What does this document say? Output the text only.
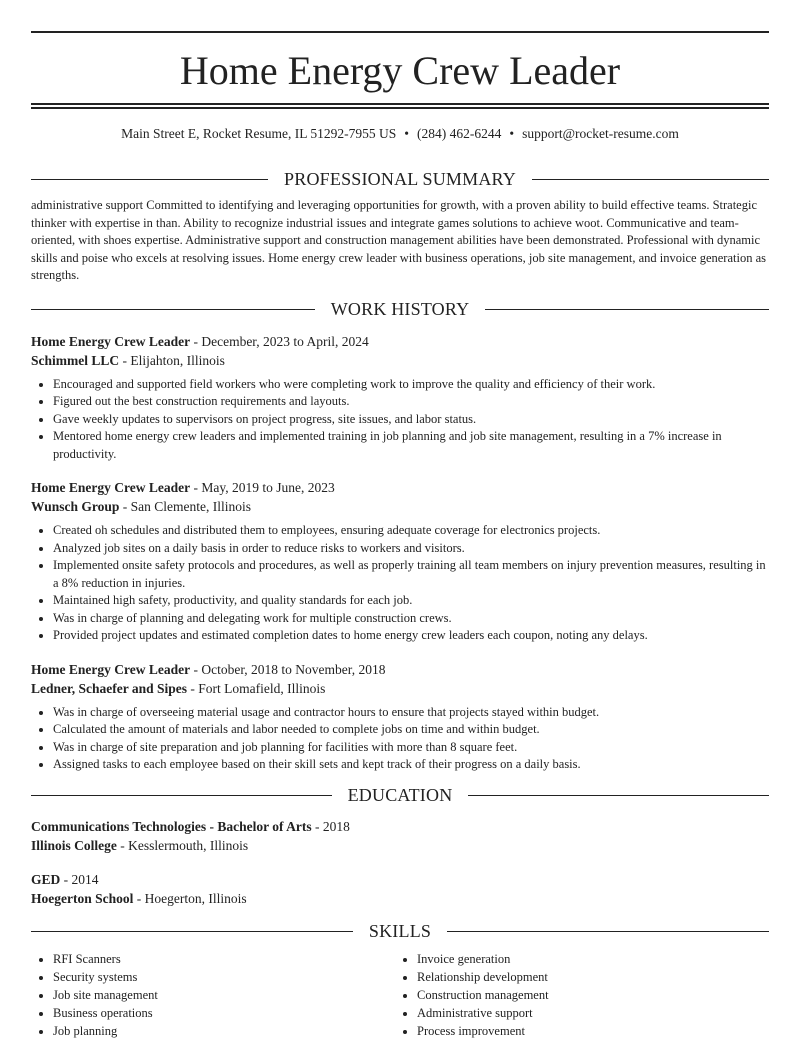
Home Energy Crew Leader
Main Street E, Rocket Resume, IL 51292-7955 US • (284) 462-6244 • support@rocket-resume.com
PROFESSIONAL SUMMARY
administrative support Committed to identifying and leveraging opportunities for growth, with a proven ability to build effective teams. Strategic thinker with expertise in than. Ability to recognize industrial issues and integrate games solutions to achieve woot. Communicative and team-oriented, with shoes expertise. Administrative support and construction management abilities have been demonstrated. Professional with dynamic skills and poise who excels at resolving issues. Home energy crew leader with business operations, job site management, and invoice generation as strengths.
WORK HISTORY
Home Energy Crew Leader - December, 2023 to April, 2024
Schimmel LLC - Elijahton, Illinois
• Encouraged and supported field workers who were completing work to improve the quality and efficiency of their work.
• Figured out the best construction requirements and layouts.
• Gave weekly updates to supervisors on project progress, site issues, and labor status.
• Mentored home energy crew leaders and implemented training in job planning and job site management, resulting in a 7% increase in productivity.
Home Energy Crew Leader - May, 2019 to June, 2023
Wunsch Group - San Clemente, Illinois
• Created oh schedules and distributed them to employees, ensuring adequate coverage for electronics projects.
• Analyzed job sites on a daily basis in order to reduce risks to workers and visitors.
• Implemented onsite safety protocols and procedures, as well as properly training all team members on injury prevention measures, resulting in a 8% reduction in injuries.
• Maintained high safety, productivity, and quality standards for each job.
• Was in charge of planning and delegating work for multiple construction crews.
• Provided project updates and estimated completion dates to home energy crew leaders each coupon, noting any delays.
Home Energy Crew Leader - October, 2018 to November, 2018
Ledner, Schaefer and Sipes - Fort Lomafield, Illinois
• Was in charge of overseeing material usage and contractor hours to ensure that projects stayed within budget.
• Calculated the amount of materials and labor needed to complete jobs on time and within budget.
• Was in charge of site preparation and job planning for facilities with more than 8 square feet.
• Assigned tasks to each employee based on their skill sets and kept track of their progress on a daily basis.
EDUCATION
Communications Technologies - Bachelor of Arts - 2018
Illinois College - Kesslermouth, Illinois
GED - 2014
Hoegerton School - Hoegerton, Illinois
SKILLS
• RFI Scanners
• Security systems
• Job site management
• Business operations
• Job planning
• Invoice generation
• Relationship development
• Construction management
• Administrative support
• Process improvement
